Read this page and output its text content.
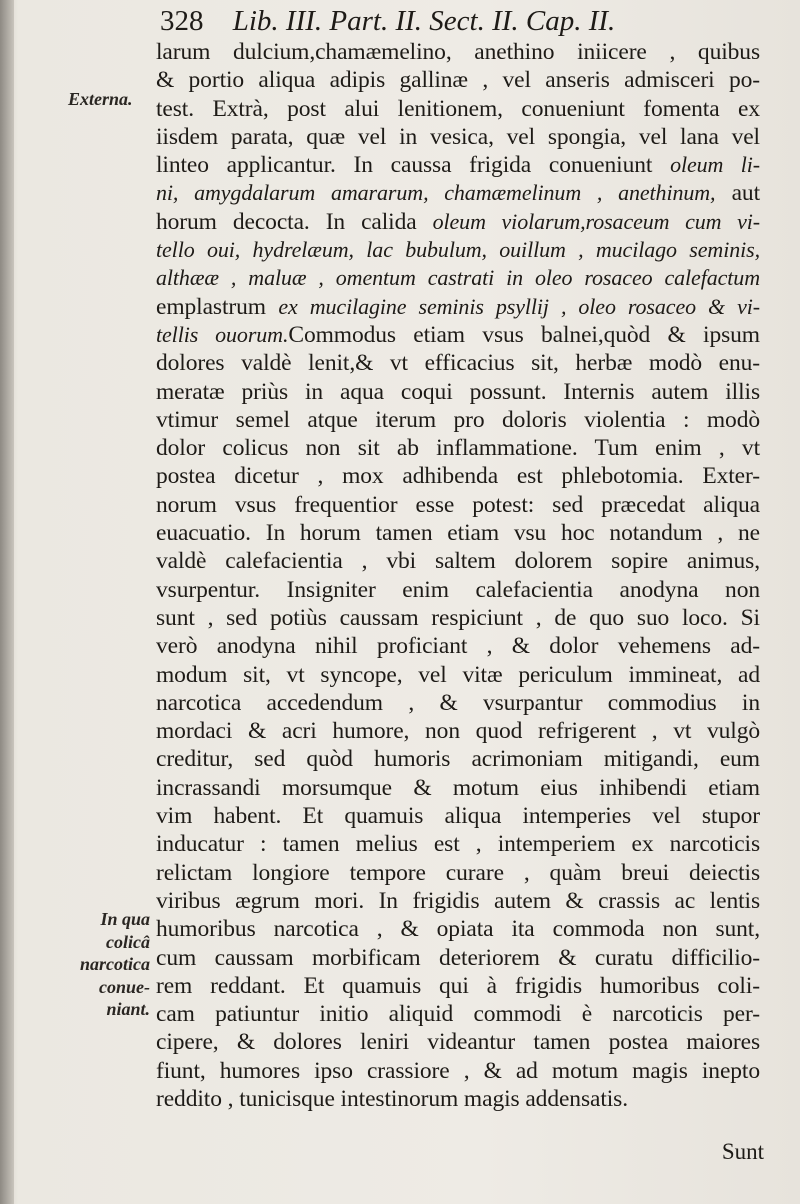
328 Lib. III. Part. II. Sect. II. Cap. II.
Externa.
In qua
colicâ
narcotica
conue-
niant.
larum dulcium,chamæmelino, anethino iniicere , quibus
& portio aliqua adipis gallinæ , vel anseris admisceri po-
test. Extrà, post alui lenitionem, conueniunt fomenta ex
iisdem parata, quæ vel in vesica, vel spongia, vel lana vel
linteo applicantur. In caussa frigida conueniunt oleum li-
ni, amygdalarum amararum, chamæmelinum , anethinum, aut
horum decocta. In calida oleum violarum,rosaceum cum vi-
tello oui, hydrelæum, lac bubulum, ouillum , mucilago seminis,
althææ , maluæ , omentum castrati in oleo rosaceo calefactum
emplastrum ex mucilagine seminis psyllij , oleo rosaceo & vi-
tellis ouorum.Commodus etiam vsus balnei,quòd & ipsum
dolores valdè lenit,& vt efficacius sit, herbæ modò enu-
meratæ priùs in aqua coqui possunt. Internis autem illis
vtimur semel atque iterum pro doloris violentia : modò
dolor colicus non sit ab inflammatione. Tum enim , vt
postea dicetur , mox adhibenda est phlebotomia. Exter-
norum vsus frequentior esse potest: sed præcedat aliqua
euacuatio. In horum tamen etiam vsu hoc notandum , ne
valdè calefacientia , vbi saltem dolorem sopire animus,
vsurpentur. Insigniter enim calefacientia anodyna non
sunt , sed potiùs caussam respiciunt , de quo suo loco. Si
verò anodyna nihil proficiant , & dolor vehemens ad-
modum sit, vt syncope, vel vitæ periculum immineat, ad
narcotica accedendum , & vsurpantur commodius in
mordaci & acri humore, non quod refrigerent , vt vulgò
creditur, sed quòd humoris acrimoniam mitigandi, eum
incrassandi morsumque & motum eius inhibendi etiam
vim habent. Et quamuis aliqua intemperies vel stupor
inducatur : tamen melius est , intemperiem ex narcoticis
relictam longiore tempore curare , quàm breui deiectis
viribus ægrum mori. In frigidis autem & crassis ac lentis
humoribus narcotica , & opiata ita commoda non sunt,
cum caussam morbificam deteriorem & curatu difficilio-
rem reddant. Et quamuis qui à frigidis humoribus coli-
cam patiuntur initio aliquid commodi è narcoticis per-
cipere, & dolores leniri videantur tamen postea maiores
fiunt, humores ipso crassiore , & ad motum magis inepto
reddito , tunicisque intestinorum magis addensatis.
Sunt
